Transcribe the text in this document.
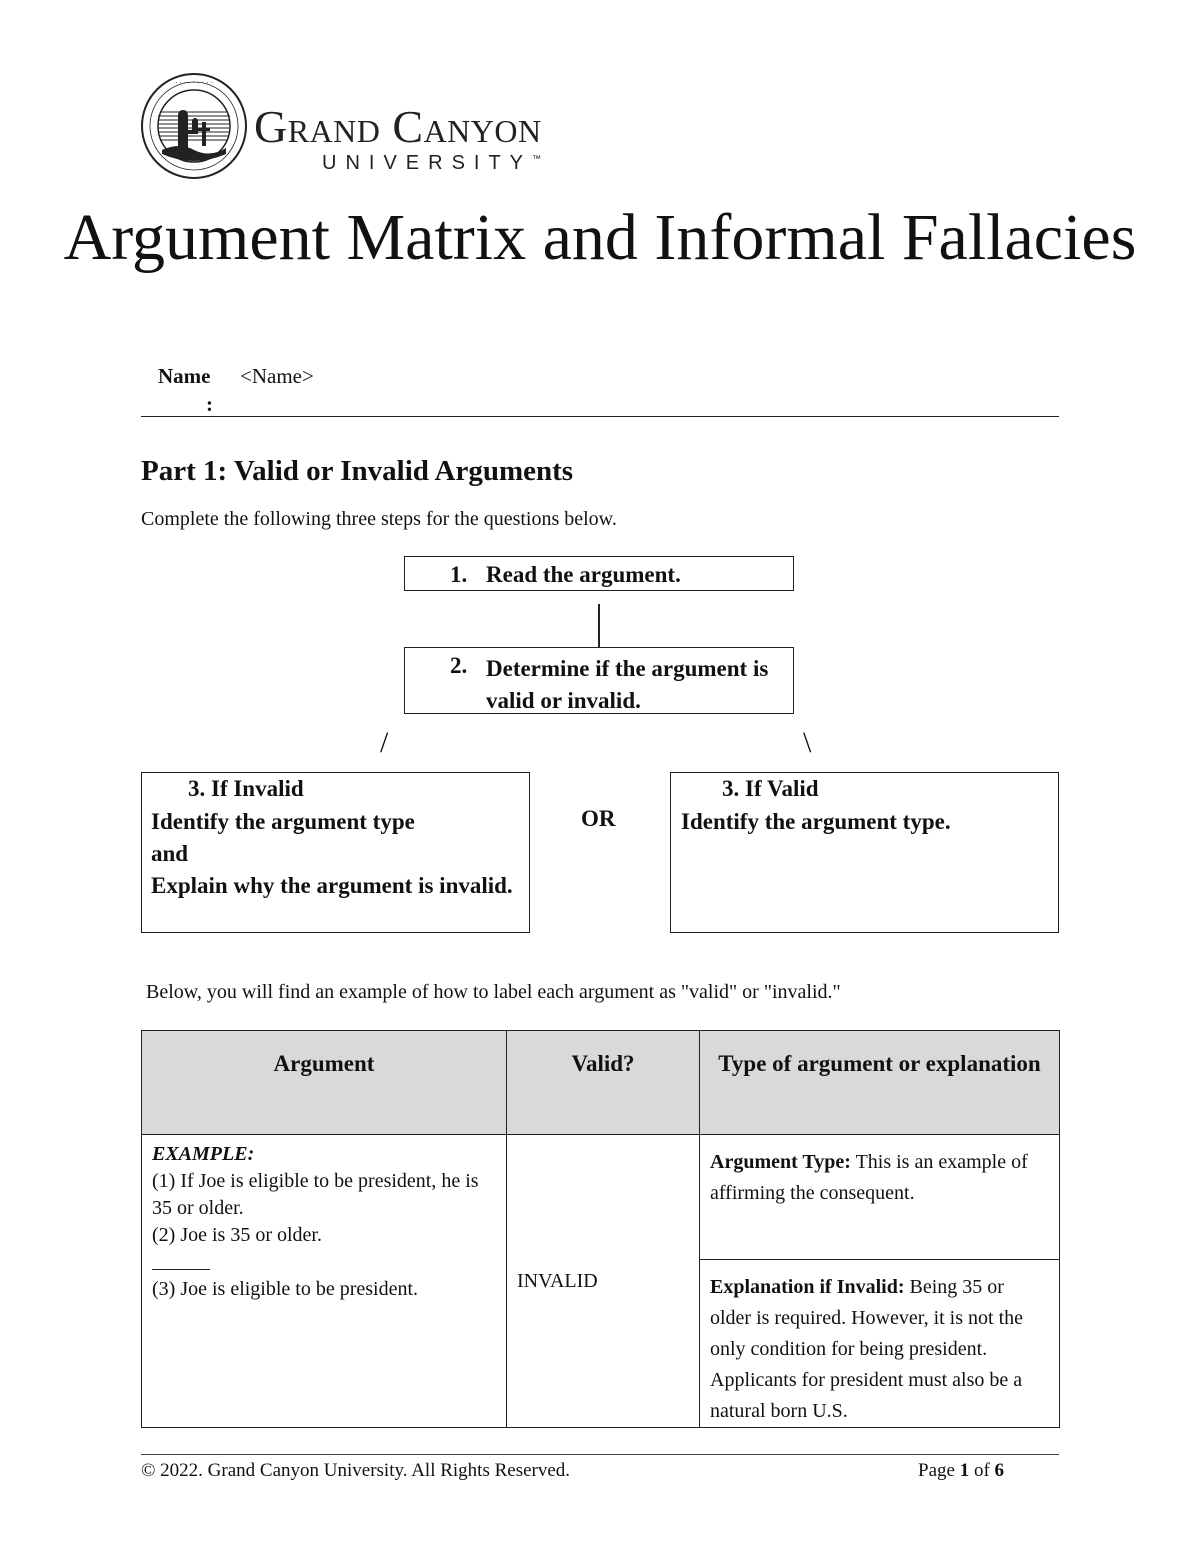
· · · · · · · · ·
Grand Canyon
UNIVERSITY™
Argument Matrix and Informal Fallacies
Name
:
<Name>
Part 1: Valid or Invalid Arguments
Complete the following three steps for the questions below.
1. Read the argument.
2. Determine if the argument is valid or invalid.
/	\
3. If Invalid
Identify the argument type
and
Explain why the argument is invalid.
OR
3. If Valid
Identify the argument type.
Below, you will find an example of how to label each argument as "valid" or "invalid."
Argument	Valid?	Type of argument or explanation

EXAMPLE:
(1) If Joe is eligible to be president, he is 35 or older.
(2) Joe is 35 or older.
(3) Joe is eligible to be president.	INVALID	Argument Type: This is an example of affirming the consequent.
		Explanation if Invalid: Being 35 or older is required. However, it is not the only condition for being president. Applicants for president must also be a natural born U.S.
© 2022. Grand Canyon University. All Rights Reserved.	Page 1 of 6
